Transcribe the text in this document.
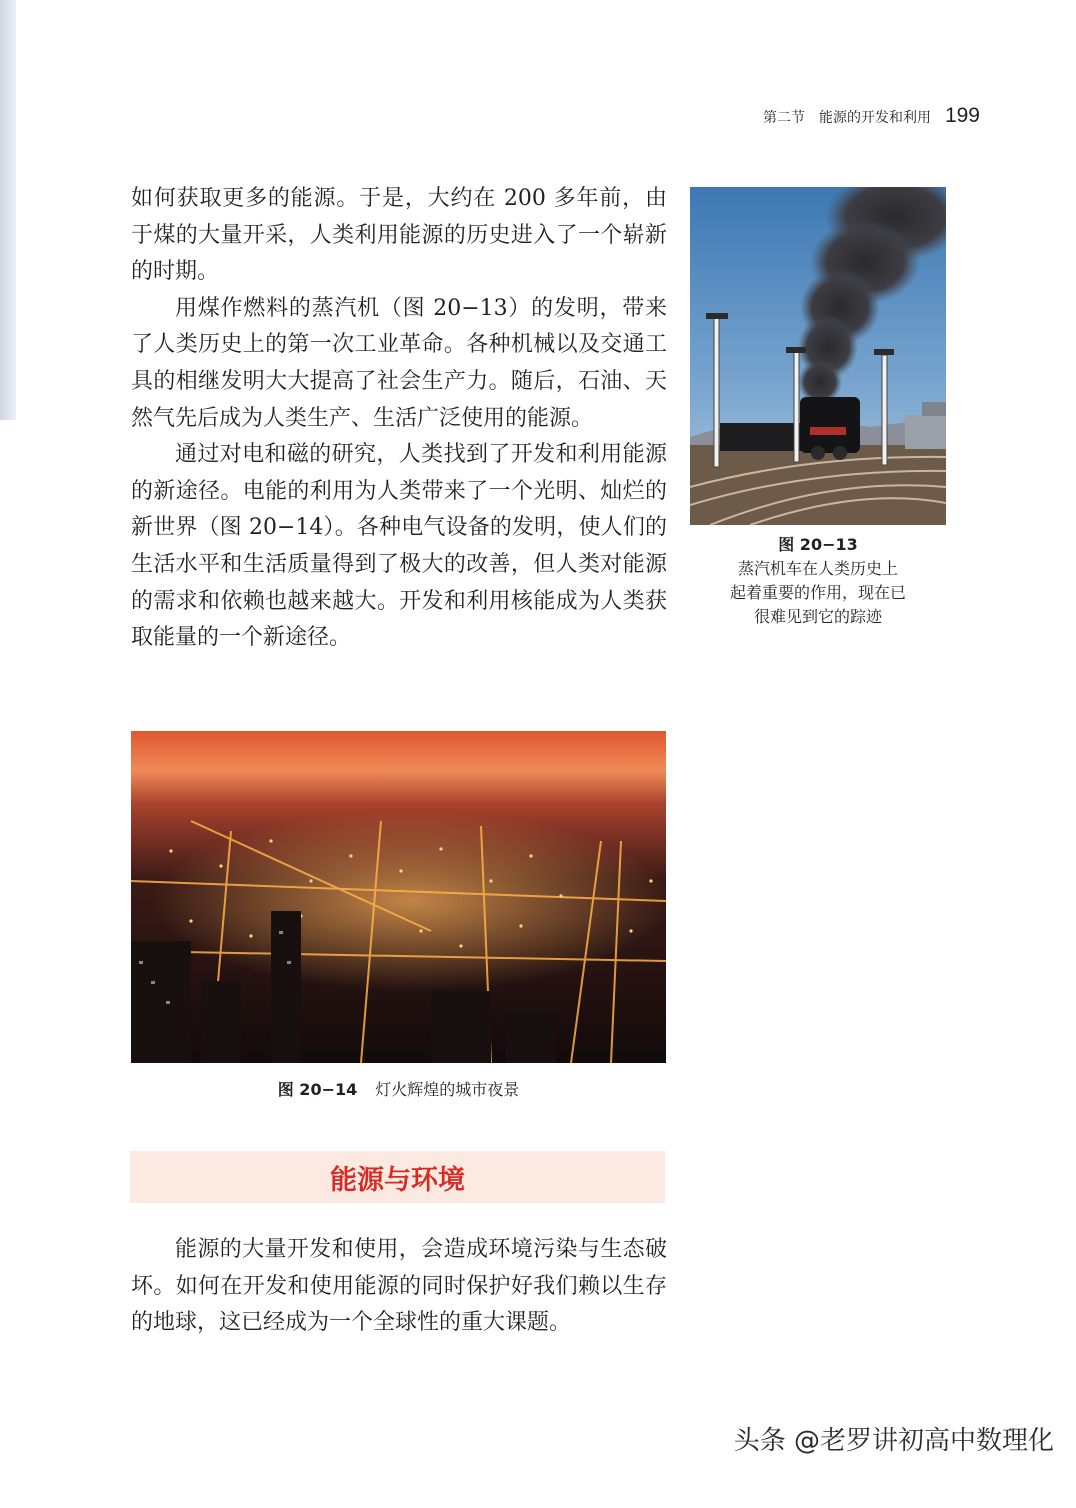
第二节　能源的开发和利用 199

如何获取更多的能源。于是，大约在 200 多年前，由于煤的大量开采，人类利用能源的历史进入了一个崭新的时期。

用煤作燃料的蒸汽机（图 20−13）的发明，带来了人类历史上的第一次工业革命。各种机械以及交通工具的相继发明大大提高了社会生产力。随后，石油、天然气先后成为人类生产、生活广泛使用的能源。

通过对电和磁的研究，人类找到了开发和利用能源的新途径。电能的利用为人类带来了一个光明、灿烂的新世界（图 20−14）。各种电气设备的发明，使人们的生活水平和生活质量得到了极大的改善，但人类对能源的需求和依赖也越来越大。开发和利用核能成为人类获取能量的一个新途径。

图 20−13
蒸汽机车在人类历史上
起着重要的作用，现在已
很难见到它的踪迹
图 20−14 灯火辉煌的城市夜景
能源与环境

能源的大量开发和使用，会造成环境污染与生态破坏。如何在开发和使用能源的同时保护好我们赖以生存的地球，这已经成为一个全球性的重大课题。

头条 @老罗讲初高中数理化
